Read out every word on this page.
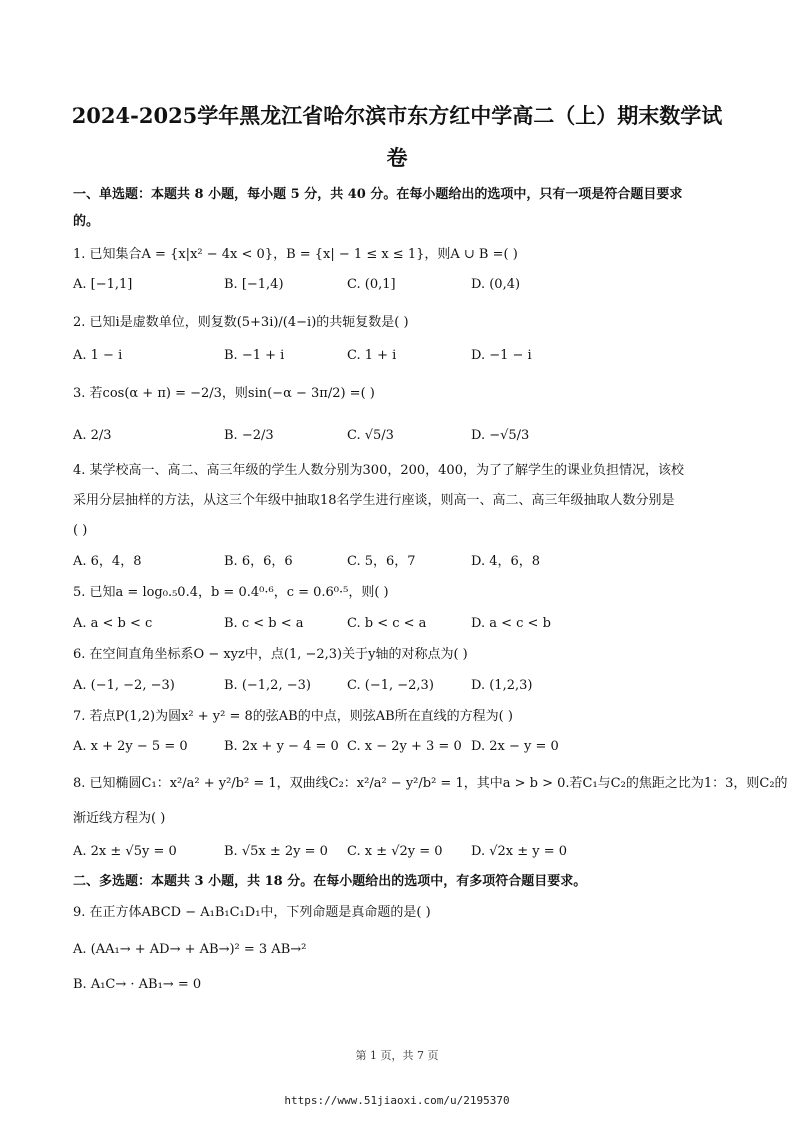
2024-2025学年黑龙江省哈尔滨市东方红中学高二（上）期末数学试
卷
一、单选题：本题共 8 小题，每小题 5 分，共 40 分。在每小题给出的选项中，只有一项是符合题目要求
的。
1. 已知集合A = {x|x² − 4x < 0}，B = {x| − 1 ≤ x ≤ 1}，则A ∪ B =( )
A. [−1,1]	B. [−1,4)	C. (0,1]	D. (0,4)
2. 已知i是虚数单位，则复数(5+3i)/(4−i)的共轭复数是( )
A. 1 − i	B. −1 + i	C. 1 + i	D. −1 − i
3. 若cos(α + π) = −2/3，则sin(−α − 3π/2) =( )
A. 2/3	B. −2/3	C. √5/3	D. −√5/3
4. 某学校高一、高二、高三年级的学生人数分别为300，200，400，为了了解学生的课业负担情况，该校
采用分层抽样的方法，从这三个年级中抽取18名学生进行座谈，则高一、高二、高三年级抽取人数分别是
( )
A. 6，4，8	B. 6，6，6	C. 5，6，7	D. 4，6，8
5. 已知a = log₀.₅0.4，b = 0.4⁰·⁶，c = 0.6⁰·⁵，则( )
A. a < b < c	B. c < b < a	C. b < c < a	D. a < c < b
6. 在空间直角坐标系O − xyz中，点(1, −2,3)关于y轴的对称点为( )
A. (−1, −2, −3)	B. (−1,2, −3)	C. (−1, −2,3)	D. (1,2,3)
7. 若点P(1,2)为圆x² + y² = 8的弦AB的中点，则弦AB所在直线的方程为( )
A. x + 2y − 5 = 0	B. 2x + y − 4 = 0 C. x − 2y + 3 = 0 D. 2x − y = 0
8. 已知椭圆C₁：x²/a² + y²/b² = 1，双曲线C₂：x²/a² − y²/b² = 1，其中a > b > 0.若C₁与C₂的焦距之比为1：3，则C₂的
渐近线方程为( )
A. 2x ± √5y = 0	B. √5x ± 2y = 0 C. x ± √2y = 0 D. √2x ± y = 0
二、多选题：本题共 3 小题，共 18 分。在每小题给出的选项中，有多项符合题目要求。
9. 在正方体ABCD − A₁B₁C₁D₁中，下列命题是真命题的是( )
A. (AA₁→ + AD→ + AB→)² = 3 AB→²
B. A₁C→ · AB₁→ = 0
第 1 页，共 7 页
https://www.51jiaoxi.com/u/2195370
